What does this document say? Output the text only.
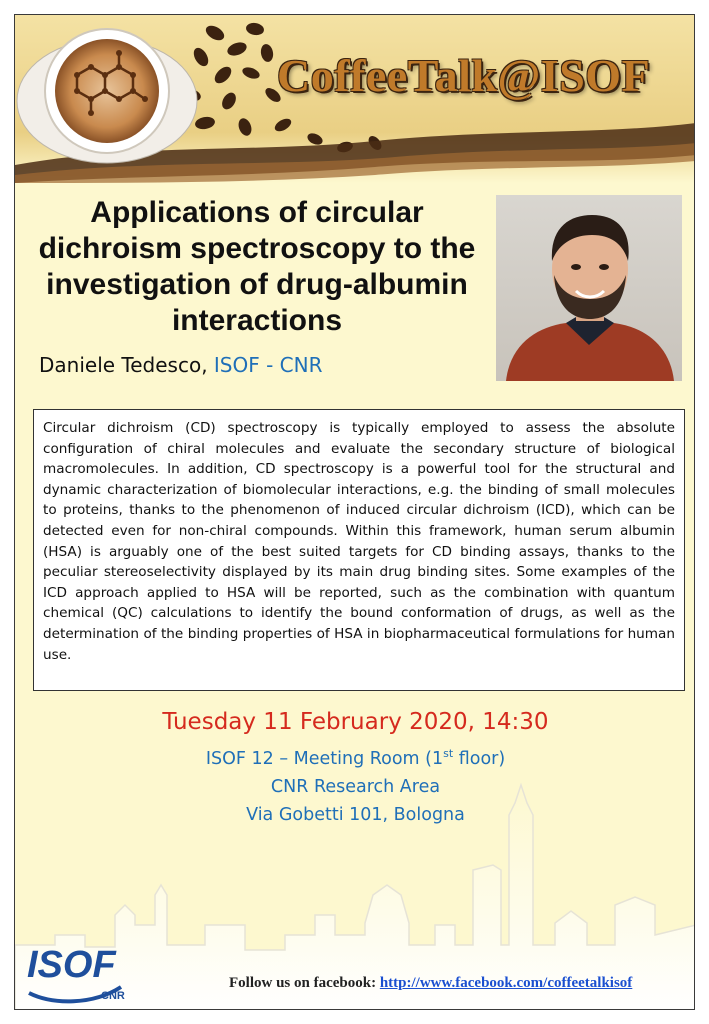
CoffeeTalk@ISOF
Applications of circular dichroism spectroscopy to the investigation of drug-albumin interactions
Daniele Tedesco, ISOF - CNR

Circular dichroism (CD) spectroscopy is typically employed to assess the absolute configuration of chiral molecules and evaluate the secondary structure of biological macromolecules. In addition, CD spectroscopy is a powerful tool for the structural and dynamic characterization of biomolecular interactions, e.g. the binding of small molecules to proteins, thanks to the phenomenon of induced circular dichroism (ICD), which can be detected even for non-chiral compounds. Within this framework, human serum albumin (HSA) is arguably one of the best suited targets for CD binding assays, thanks to the peculiar stereoselectivity displayed by its main drug binding sites. Some examples of the ICD approach applied to HSA will be reported, such as the combination with quantum chemical (QC) calculations to identify the bound conformation of drugs, as well as the determination of the binding properties of HSA in biopharmaceutical formulations for human use.

Tuesday 11 February 2020, 14:30
ISOF 12 – Meeting Room (1st floor)
CNR Research Area
Via Gobetti 101, Bologna
ISOF
CNR
Follow us on facebook: http://www.facebook.com/coffeetalkisof
